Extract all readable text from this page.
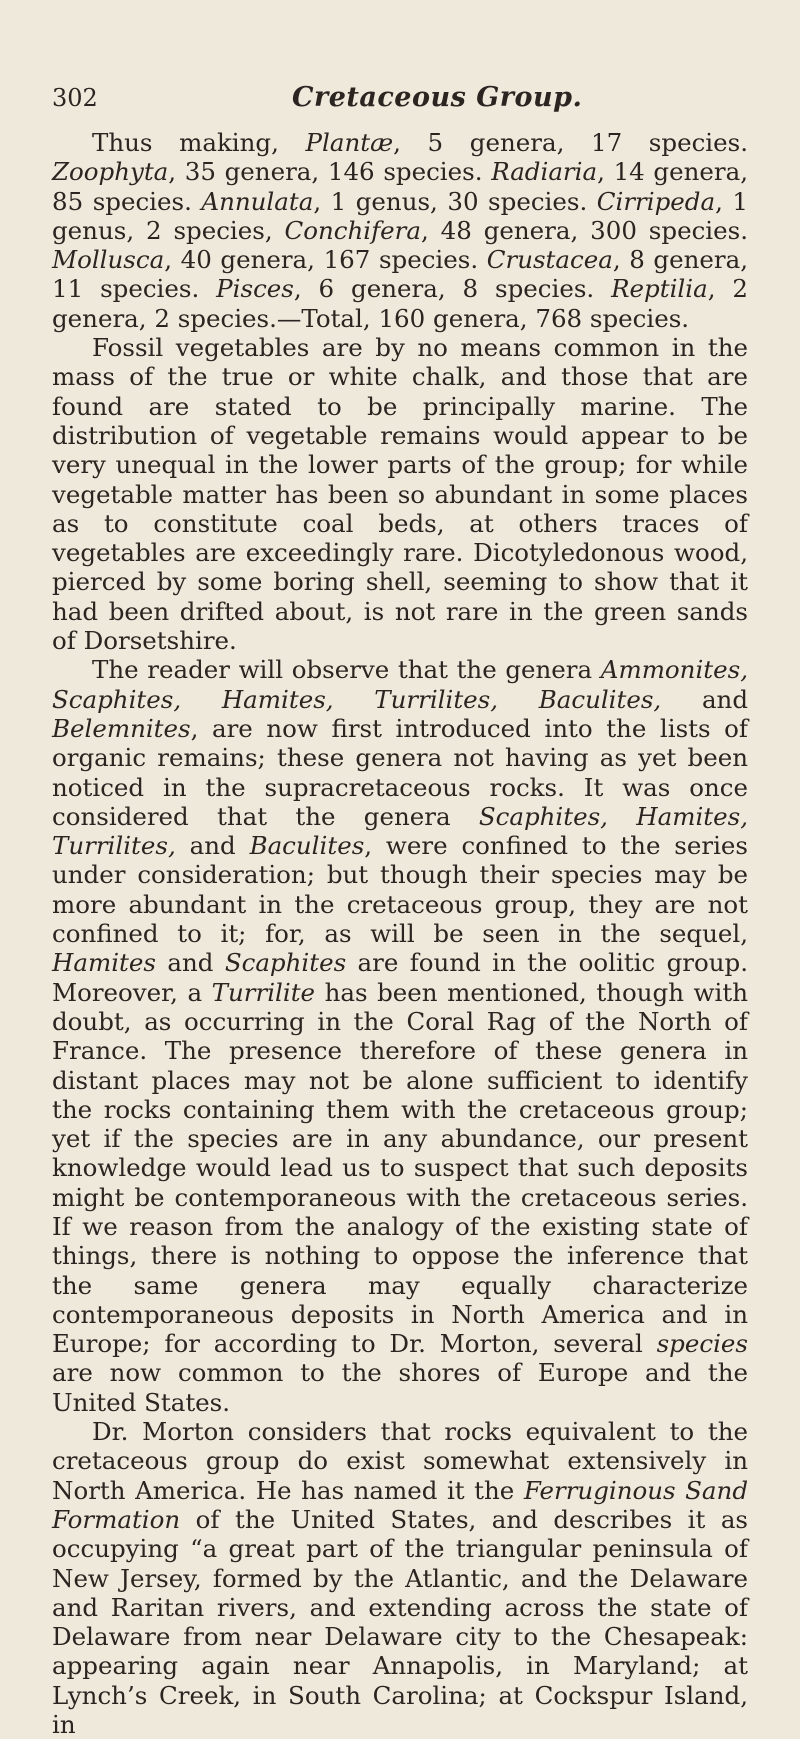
302	Cretaceous Group.

Thus making, Plantæ, 5 genera, 17 species. Zoophyta, 35 genera, 146 species. Radiaria, 14 genera, 85 species. Annulata, 1 genus, 30 species. Cirripeda, 1 genus, 2 species, Conchifera, 48 genera, 300 species. Mollusca, 40 genera, 167 species. Crustacea, 8 genera, 11 species. Pisces, 6 genera, 8 species. Reptilia, 2 genera, 2 species.—Total, 160 genera, 768 species.

Fossil vegetables are by no means common in the mass of the true or white chalk, and those that are found are stated to be principally marine. The distribution of vegetable remains would appear to be very unequal in the lower parts of the group; for while vegetable matter has been so abundant in some places as to constitute coal beds, at others traces of vegetables are exceedingly rare. Dicotyledonous wood, pierced by some boring shell, seeming to show that it had been drifted about, is not rare in the green sands of Dorsetshire.

The reader will observe that the genera Ammonites, Scaphites, Hamites, Turrilites, Baculites, and Belemnites, are now first introduced into the lists of organic remains; these genera not having as yet been noticed in the supracretaceous rocks. It was once considered that the genera Scaphites, Hamites, Turrilites, and Baculites, were confined to the series under consideration; but though their species may be more abundant in the cretaceous group, they are not confined to it; for, as will be seen in the sequel, Hamites and Scaphites are found in the oolitic group. Moreover, a Turrilite has been mentioned, though with doubt, as occurring in the Coral Rag of the North of France. The presence therefore of these genera in distant places may not be alone sufficient to identify the rocks containing them with the cretaceous group; yet if the species are in any abundance, our present knowledge would lead us to suspect that such deposits might be contemporaneous with the cretaceous series. If we reason from the analogy of the existing state of things, there is nothing to oppose the inference that the same genera may equally characterize contemporaneous deposits in North America and in Europe; for according to Dr. Morton, several species are now common to the shores of Europe and the United States.

Dr. Morton considers that rocks equivalent to the cretaceous group do exist somewhat extensively in North America. He has named it the Ferruginous Sand Formation of the United States, and describes it as occupying “a great part of the triangular peninsula of New Jersey, formed by the Atlantic, and the Delaware and Raritan rivers, and extending across the state of Delaware from near Delaware city to the Chesapeak: appearing again near Annapolis, in Maryland; at Lynch’s Creek, in South Carolina; at Cockspur Island, in
